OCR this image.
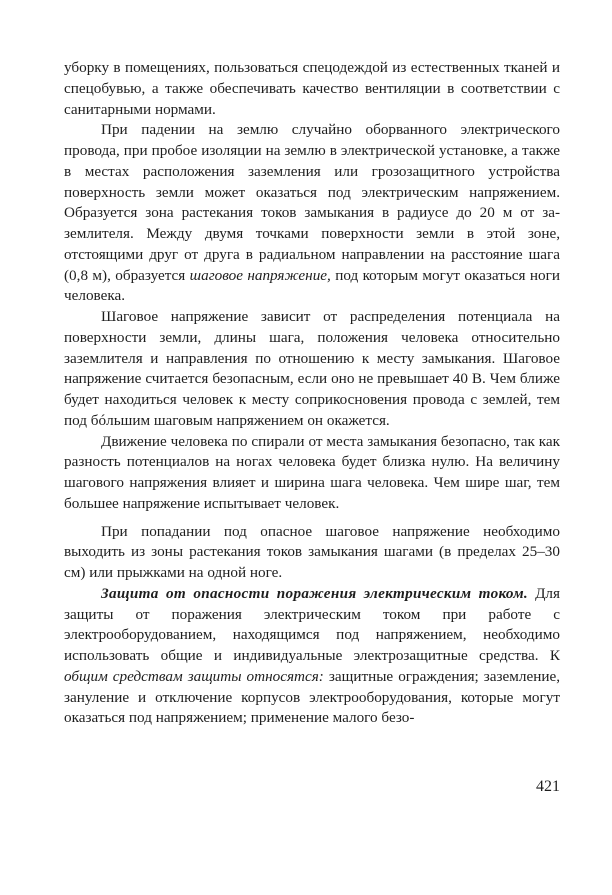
уборку в помещениях, пользоваться спецодеждой из естественных тканей и спецобувью, а также обеспечивать качество вентиляции в соответствии с санитарными нормами.

При падении на землю случайно оборванного электрического провода, при пробое изоляции на землю в электрической установке, а также в местах расположения заземления или грозозащитного устройства поверхность земли может оказаться под электрическим напряжением. Образуется зона растекания токов замыкания в радиусе до 20 м от заземлителя. Между двумя точками поверхности земли в этой зоне, отстоящими друг от друга в радиальном направлении на расстояние шага (0,8 м), образуется шаговое напряжение, под которым могут оказаться ноги человека.

Шаговое напряжение зависит от распределения потенциала на поверхности земли, длины шага, положения человека относительно заземлителя и направления по отношению к месту замыкания. Шаговое напряжение считается безопасным, если оно не превышает 40 В. Чем ближе будет находиться человек к месту соприкосновения провода с землей, тем под бóльшим шаговым напряжением он окажется.

Движение человека по спирали от места замыкания безопасно, так как разность потенциалов на ногах человека будет близка нулю. На величину шагового напряжения влияет и ширина шага человека. Чем шире шаг, тем большее напряжение испытывает человек.

При попадании под опасное шаговое напряжение необходимо выходить из зоны растекания токов замыкания шагами (в пределах 25–30 см) или прыжками на одной ноге.

Защита от опасности поражения электрическим током. Для защиты от поражения электрическим током при работе с электрооборудованием, находящимся под напряжением, необходимо использовать общие и индивидуальные электрозащитные средства. К общим средствам защиты относятся: защитные ограждения; заземление, зануление и отключение корпусов электрооборудования, которые могут оказаться под напряжением; применение малого безо-

421
